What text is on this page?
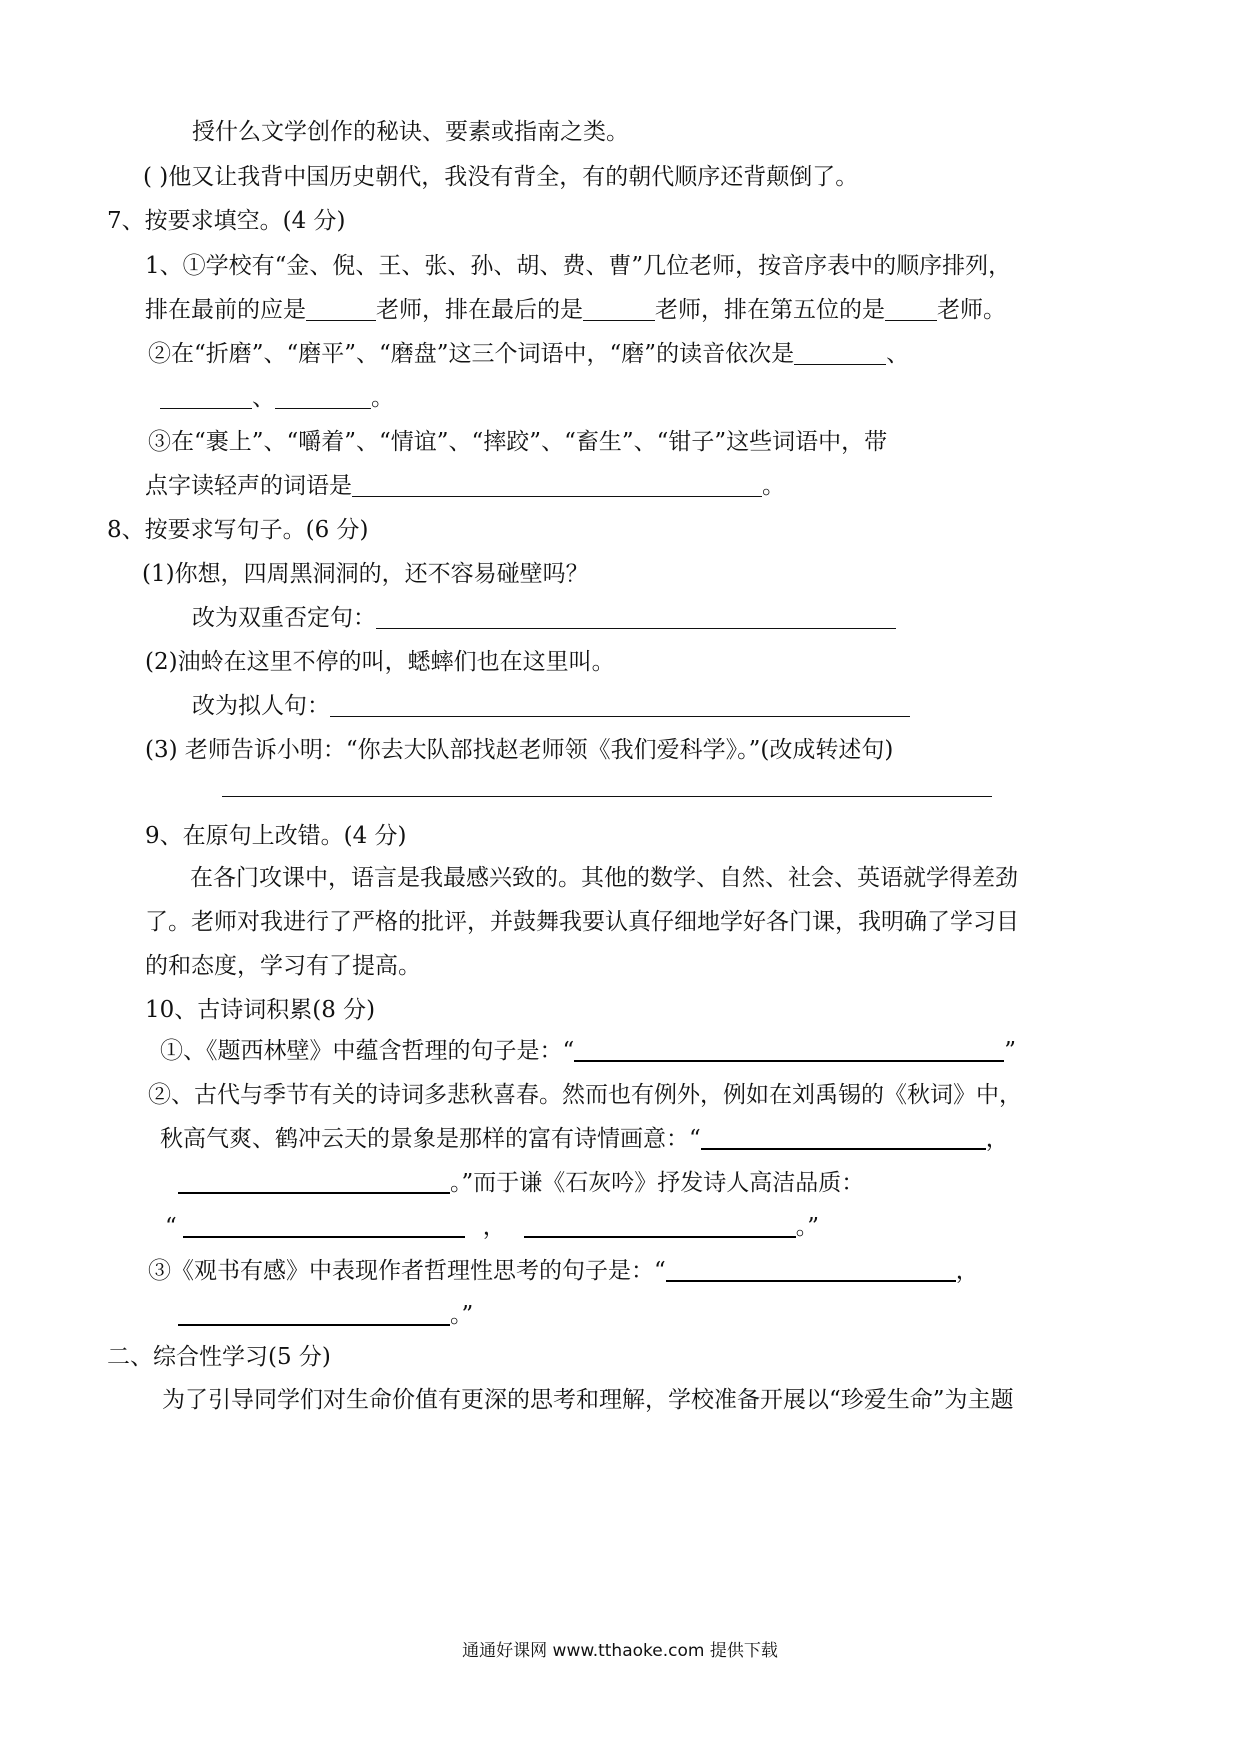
授什么文学创作的秘诀、要素或指南之类。
( )他又让我背中国历史朝代，我没有背全，有的朝代顺序还背颠倒了。
7、按要求填空。(4 分)
1、①学校有“金、倪、王、张、孙、胡、费、曹”几位老师，按音序表中的顺序排列，
排在最前的应是	老师，排在最后的是	老师，排在第五位的是 老师。
②在“折磨”、“磨平”、“磨盘”这三个词语中，“磨”的读音依次是	、
、	。
③在“裹上”、“嚼着”、“情谊”、“摔跤”、“畜生”、“钳子”这些词语中，带
点字读轻声的词语是	。
8、按要求写句子。(6 分)
(1)你想，四周黑洞洞的，还不容易碰壁吗？
改为双重否定句：
(2)油蛉在这里不停的叫，蟋蟀们也在这里叫。
改为拟人句：
(3) 老师告诉小明：“你去大队部找赵老师领《我们爱科学》。”(改成转述句)
9、在原句上改错。(4 分)
在各门攻课中，语言是我最感兴致的。其他的数学、自然、社会、英语就学得差劲
了。老师对我进行了严格的批评，并鼓舞我要认真仔细地学好各门课，我明确了学习目
的和态度，学习有了提高。
10、古诗词积累(8 分)
①、《题西林壁》中蕴含哲理的句子是：“	”
②、古代与季节有关的诗词多悲秋喜春。然而也有例外，例如在刘禹锡的《秋词》中，
秋高气爽、鹤冲云天的景象是那样的富有诗情画意：“	，
。”而于谦《石灰吟》抒发诗人高洁品质：
“	，	。”
③《观书有感》中表现作者哲理性思考的句子是：“	，
。”
二、综合性学习(5 分)
为了引导同学们对生命价值有更深的思考和理解，学校准备开展以“珍爱生命”为主题
通通好课网 www.tthaoke.com 提供下载
